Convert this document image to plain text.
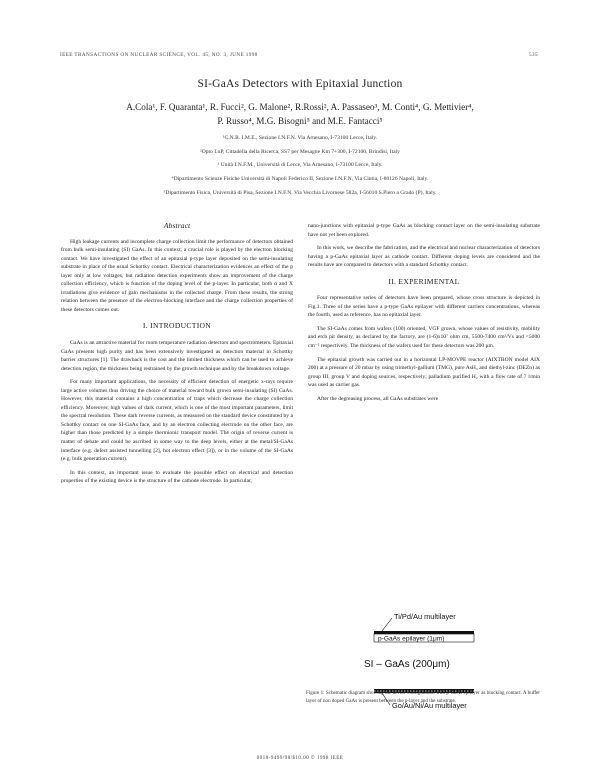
IEEE TRANSACTIONS ON NUCLEAR SCIENCE, VOL. 45, NO. 3, JUNE 1998	535
SI-GaAs Detectors with Epitaxial Junction
A.Cola¹, F. Quaranta¹, R. Fucci², G. Malone², R.Rossi², A. Passaseo³, M. Conti⁴, G. Mettivier⁴,
P. Russo⁴, M.G. Bisogni⁵ and M.E. Fantacci⁵
¹C.N.R. I.M.E., Sezione I.N.F.N. Via Arnesano, I-73100 Lecce, Italy.
²Opto I.nP, Cittadella della Ricerca, SS7 per Mesagne Km 7+300, I-72100, Brindisi, Italy
³ Unità I.N.F.M., Università di Lecce, Via Arnesano, I-73100 Lecce, Italy.
⁴Dipartimento Scienze Fisiche Università di Napoli Federico II, Sezione I.N.F.N, Via Cintia, I-80126 Napoli, Italy.
⁵Dipartimento Fisica, Università di Pisa, Sezione I.N.F.N. Via Vecchia Livornese 582a, I-56010 S.Piero a Grado (P), Italy.
Abstract

High leakage currents and incomplete charge collection limit the performance of detectors obtained from bulk semi-insulating (SI) GaAs. In this context, a crucial role is played by the electron blocking contact. We have investigated the effect of an epitaxial p-type layer deposited on the semi-insulating substrate in place of the usual Schottky contact. Electrical characterization evidences an effect of the p layer only at low voltages, but radiation detection experiments show an improvement of the charge collection efficiency, which is function of the doping level of the p-layer. In particular, both α and X irradiations give evidence of gain mechanisms in the collected charge. From these results, the strong relation between the presence of the electron-blocking interface and the charge collection properties of these detectors comes out.

I. INTRODUCTION

GaAs is an attractive material for room temperature radiation detectors and spectrometers. Epitaxial GaAs presents high purity and has been extensively investigated as detection material in Schottky barrier structures [1]. The drawback is the cost and the limited thickness which can be used to achieve detection region, the thickness being restrained by the growth technique and by the breakdown voltage.

For many important applications, the necessity of efficient detection of energetic x-rays require large active volumes thus driving the choice of material toward bulk grown semi-insulating (SI) GaAs. However, this material contains a high concentration of traps which decrease the charge collection efficiency. Moreover, high values of dark current, which is one of the most important parameters, limit the spectral resolution. These dark reverse currents, as measured on the standard device constituted by a Schottky contact on one SI-GaAs face, and by an electron collecting electrode on the other face, are higher than those predicted by a simple thermionic transport model. The origin of reverse current is matter of debate and could be ascribed in some way to the deep levels, either at the metal/SI-GaAs interface (e.g. defect assisted tunnelling [2], hot electron effect [3]), or in the volume of the SI-GaAs (e.g. bulk generation current).

In this context, an important issue to evaluate the possible effect on electrical and detection properties of the existing device is the structure of the cathode electrode. In particular,

nano-junctions with epitaxial p-type GaAs as blocking contact layer on the semi-insulating substrate have not yet been explored.

In this work, we describe the fabrication, and the electrical and nuclear characterization of detectors having a p-GaAs epitaxial layer as cathode contact. Different doping levels are considered and the results have are compared to detectors with a standard Schottky contact.

II. EXPERIMENTAL

Four representative series of detectors have been prepared, whose cross structure is depicted in Fig.1. Three of the series have a p-type GaAs epilayer with different carriers concentrations, whereas the fourth, used as reference, has no epitaxial layer.

The SI-GaAs comes from wafers (100) oriented, VGF grown, whose values of resistivity, mobility and etch pit density, as declared by the factory, are (1-6)x10⁷ ohm cm, 5500-7400 cm²/Vs and <5000 cm⁻² respectively. The thickness of the wafers used for these detectors was 200 μm.

The epitaxial growth was carried out in a horizontal LP-MOVPE reactor (AIXTRON model AIX 200) at a pressure of 20 mbar by using trimethyl-gallium (TMG), pure AsH₃ and diethyl-zinc (DEZn) as group III, group V and doping sources, respectively; palladium purified H₂ with a flow rate of 7 l/min was used as carrier gas.

After the degreasing process, all GaAs substrates were

Ti/Pd/Au multilayer
p-GaAs epilayer (1μm)
SI – GaAs (200μm)
Go/Au/Ni/Au multilayer
Figure 1: Schematic diagram showing the device configuration with p-GaAs epilayer as blocking contact. A buffer layer of non doped GaAs is present between the p-layer and the substrate.
0018-9499/98/$10.00 © 1998 IEEE
